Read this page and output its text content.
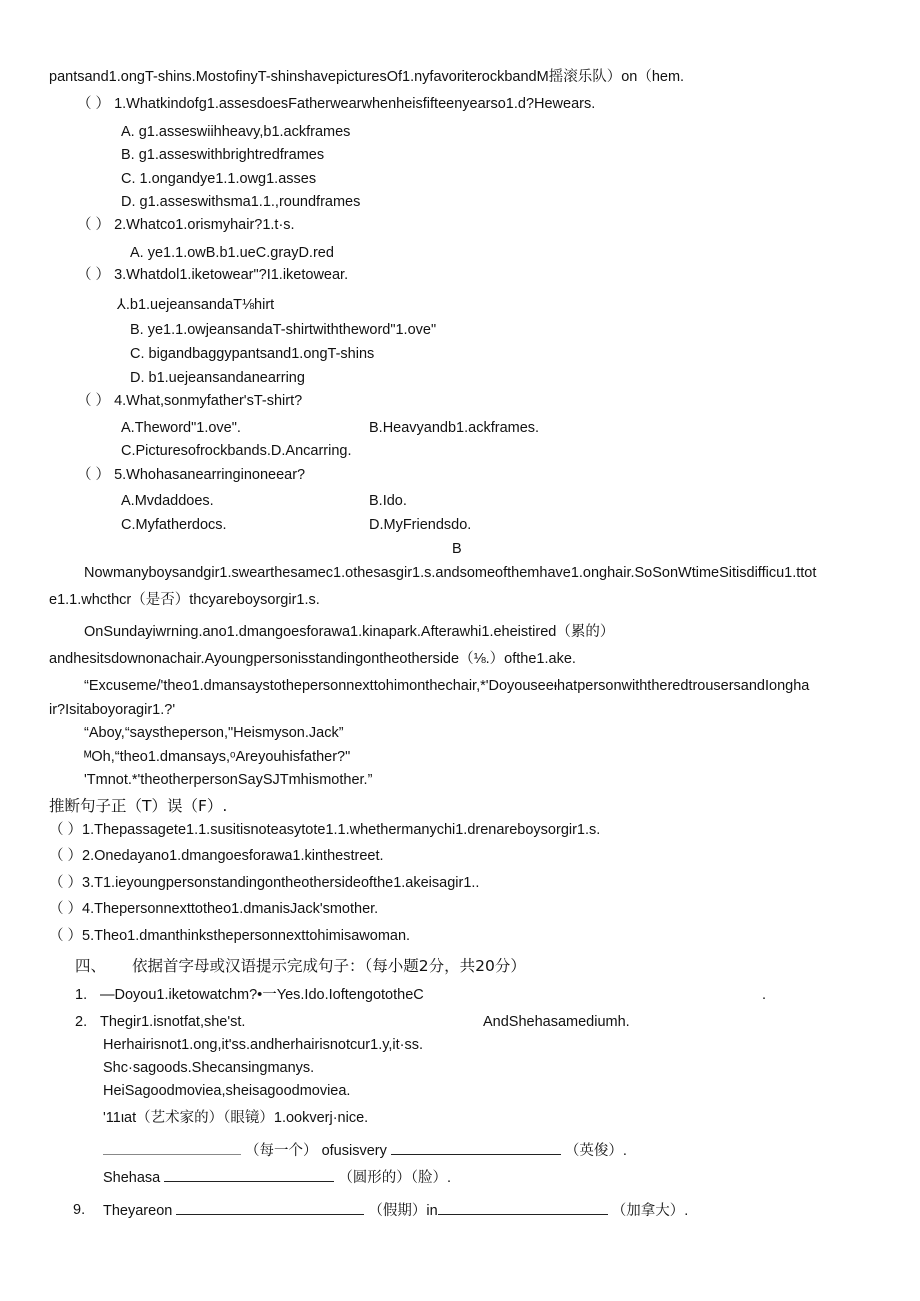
pantsand1.ongT-shins.MostofinyT-shinshavepicturesOf1.nyfavoriterockbandM摇滚乐队）on（hem.
（ ） 1.Whatkindofg1.assesdoesFatherwearwhenheisfifteenyearso1.d?Hewears.
A. g1.asseswiihheavy,b1.ackframes
B. g1.asseswithbrightredframes
C. 1.ongandye1.1.owg1.asses
D. g1.asseswithsma1.1.,roundframes
（ ） 2.Whatco1.orismyhair?1.t·s.
A. ye1.1.owB.b1.ueC.grayD.red
（ ） 3.Whatdol1.iketowear"?I1.iketowear.
⅄.b1.uejeansandaT⅛hirt
B. ye1.1.owjeansandaT-shirtwiththeword"1.ove"
C. bigandbaggypantsand1.ongT-shins
D. b1.uejeansandanearring
（ ） 4.What,sonmyfather'sT-shirt?
A.Theword"1.ove".	B.Heavyandb1.ackframes.
C.Picturesofrockbands.D.Ancarring.
（ ） 5.Whohasanearringinoneear?
A.Mvdaddoes.	B.Ido.
C.Myfatherdocs.	D.MyFriendsdo.
B
Nowmanyboysandgir1.swearthesamec1.othesasgir1.s.andsomeofthemhave1.onghair.SoSonWtimeSitisdifficu1.ttot
e1.1.whcthcr（是否）thcyareboysorgir1.s.
OnSundayiwrning.ano1.dmangoesforawa1.kinapark.Afterawhi1.eheistired（累的）
andhesitsdownonachair.Ayoungpersonisstandingontheotherside（⅛.）ofthe1.ake.
“Excuseme/'theo1.dmansaystothepersonnexttohimonthechair,*'DoyouseeᵻhatpersonwiththeredtrousersandIongha
ir?Isitaboyoragir1.?'
“Aboy,“saystheperson,"Heismyson.Jack”
ᴹOh,“theo1.dmansays,ᵒAreyouhisfather?"
'Tmnot.*'theotherpersonSaySJTmhismother.”
推断句子正（T）误（F）.
（ ）1.Thepassagete1.1.susitisnoteasytote1.1.whethermanychi1.drenareboysorgir1.s.
（ ）2.Onedayano1.dmangoesforawa1.kinthestreet.
（ ）3.T1.ieyoungpersonstandingontheothersideofthe1.akeisagir1..
（ ）4.Thepersonnexttotheo1.dmanisJack'smother.
（ ）5.Theo1.dmanthinksthepersonnexttohimisawoman.
四、 依据首字母或汉语提示完成句子：（每小题2分，共20分）
1. —Doyou1.iketowatchm?•一Yes.Ido.IoftengototheC	.
2. Thegir1.isnotfat,she'st.	AndShehasamediumh.
Herhairisnot1.ong,it'ss.andherhairisnotcur1.y,it·ss.
Shc·sagoods.Shecansingmanys.
HeiSagoodmoviea,sheisagoodmoviea.
'11ιat（艺术家的）（眼镜）1.ookverj·nice.
（每一个） ofusisvery	（英俊）.
Shehasa	（圆形的）（脸）.
9. Theyareon	（假期）in	（加拿大）.
